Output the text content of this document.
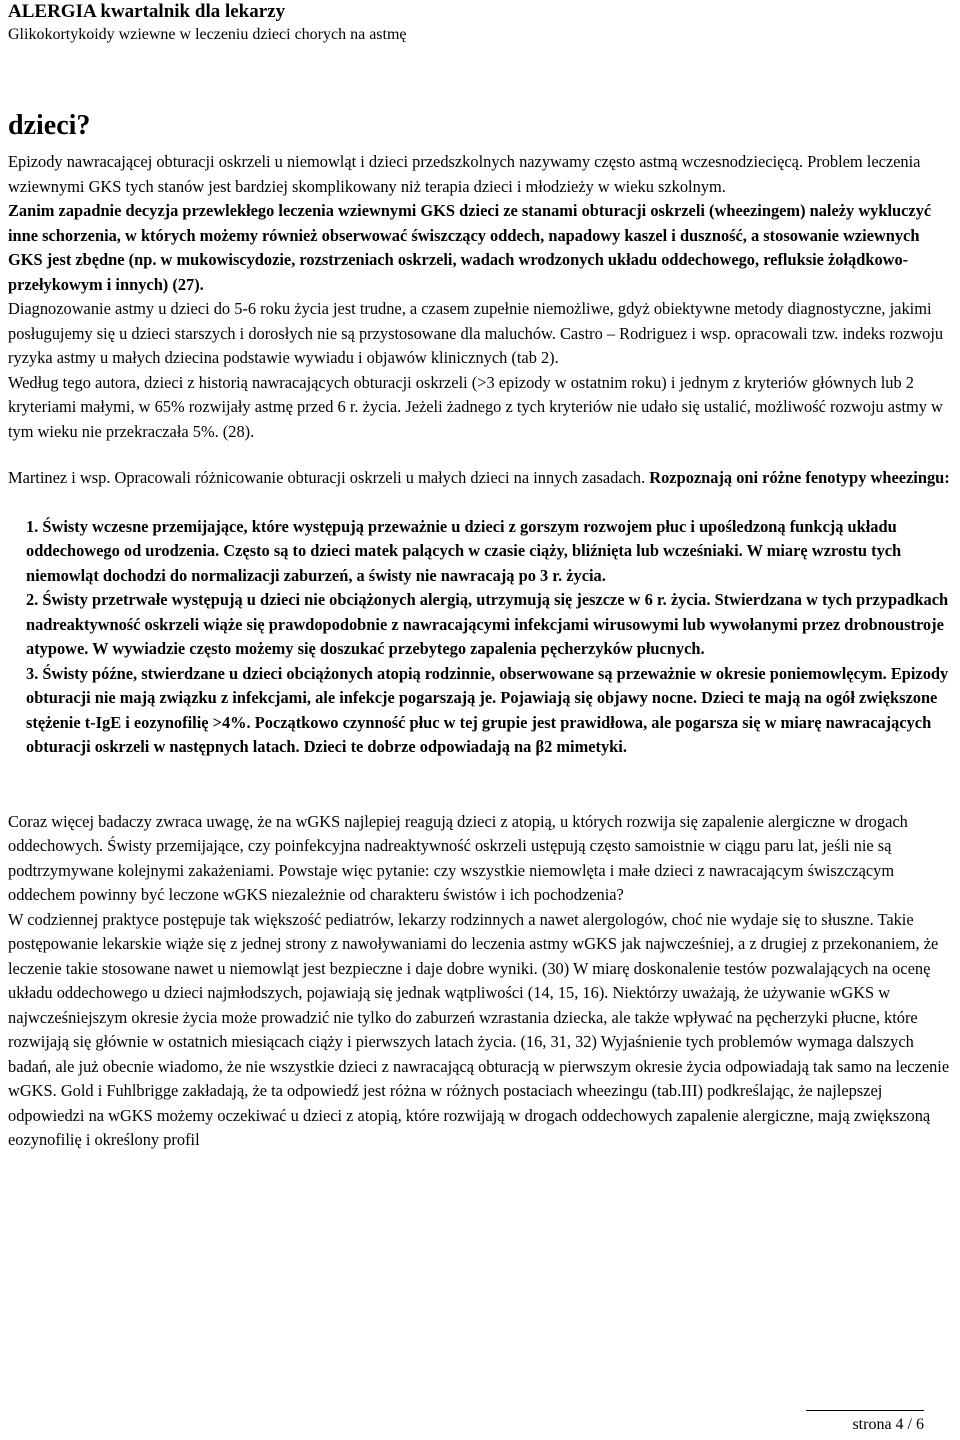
ALERGIA kwartalnik dla lekarzy
Glikokortykoidy wziewne w leczeniu dzieci chorych na astmę
dzieci?

Epizody nawracającej obturacji oskrzeli u niemowląt i dzieci przedszkolnych nazywamy często astmą wczesnodziecięcą. Problem leczenia wziewnymi GKS tych stanów jest bardziej skomplikowany niż terapia dzieci i młodzieży w wieku szkolnym.

Zanim zapadnie decyzja przewlekłego leczenia wziewnymi GKS dzieci ze stanami obturacji oskrzeli (wheezingem) należy wykluczyć inne schorzenia, w których możemy również obserwować świszczący oddech, napadowy kaszel i duszność, a stosowanie wziewnych GKS jest zbędne (np. w mukowiscydozie, rozstrzeniach oskrzeli, wadach wrodzonych układu oddechowego, refluksie żołądkowo-przełykowym i innych) (27).

Diagnozowanie astmy u dzieci do 5-6 roku życia jest trudne, a czasem zupełnie niemożliwe, gdyż obiektywne metody diagnostyczne, jakimi posługujemy się u dzieci starszych i dorosłych nie są przystosowane dla maluchów. Castro – Rodriguez i wsp. opracowali tzw. indeks rozwoju ryzyka astmy u małych dziecina podstawie wywiadu i objawów klinicznych (tab 2).

Według tego autora, dzieci z historią nawracających obturacji oskrzeli (>3 epizody w ostatnim roku) i jednym z kryteriów głównych lub 2 kryteriami małymi, w 65% rozwijały astmę przed 6 r. życia. Jeżeli żadnego z tych kryteriów nie udało się ustalić, możliwość rozwoju astmy w tym wieku nie przekraczała 5%. (28).

Martinez i wsp. Opracowali różnicowanie obturacji oskrzeli u małych dzieci na innych zasadach. Rozpoznają oni różne fenotypy wheezingu:

1. Świsty wczesne przemijające, które występują przeważnie u dzieci z gorszym rozwojem płuc i upośledzoną funkcją układu oddechowego od urodzenia. Często są to dzieci matek palących w czasie ciąży, bliźnięta lub wcześniaki. W miarę wzrostu tych niemowląt dochodzi do normalizacji zaburzeń, a świsty nie nawracają po 3 r. życia.

2. Świsty przetrwałe występują u dzieci nie obciążonych alergią, utrzymują się jeszcze w 6 r. życia. Stwierdzana w tych przypadkach nadreaktywność oskrzeli wiąże się prawdopodobnie z nawracającymi infekcjami wirusowymi lub wywołanymi przez drobnoustroje atypowe. W wywiadzie często możemy się doszukać przebytego zapalenia pęcherzyków płucnych.

3. Świsty późne, stwierdzane u dzieci obciążonych atopią rodzinnie, obserwowane są przeważnie w okresie poniemowlęcym. Epizody obturacji nie mają związku z infekcjami, ale infekcje pogarszają je. Pojawiają się objawy nocne. Dzieci te mają na ogół zwiększone stężenie t-IgE i eozynofilię >4%. Początkowo czynność płuc w tej grupie jest prawidłowa, ale pogarsza się w miarę nawracających obturacji oskrzeli w następnych latach. Dzieci te dobrze odpowiadają na β2 mimetyki.

Coraz więcej badaczy zwraca uwagę, że na wGKS najlepiej reagują dzieci z atopią, u których rozwija się zapalenie alergiczne w drogach oddechowych. Świsty przemijające, czy poinfekcyjna nadreaktywność oskrzeli ustępują często samoistnie w ciągu paru lat, jeśli nie są podtrzymywane kolejnymi zakażeniami. Powstaje więc pytanie: czy wszystkie niemowlęta i małe dzieci z nawracającym świszczącym oddechem powinny być leczone wGKS niezależnie od charakteru świstów i ich pochodzenia?

W codziennej praktyce postępuje tak większość pediatrów, lekarzy rodzinnych a nawet alergologów, choć nie wydaje się to słuszne. Takie postępowanie lekarskie wiąże się z jednej strony z nawoływaniami do leczenia astmy wGKS jak najwcześniej, a z drugiej z przekonaniem, że leczenie takie stosowane nawet u niemowląt jest bezpieczne i daje dobre wyniki. (30) W miarę doskonalenie testów pozwalających na ocenę układu oddechowego u dzieci najmłodszych, pojawiają się jednak wątpliwości (14, 15, 16). Niektórzy uważają, że używanie wGKS w najwcześniejszym okresie życia może prowadzić nie tylko do zaburzeń wzrastania dziecka, ale także wpływać na pęcherzyki płucne, które rozwijają się głównie w ostatnich miesiącach ciąży i pierwszych latach życia. (16, 31, 32) Wyjaśnienie tych problemów wymaga dalszych badań, ale już obecnie wiadomo, że nie wszystkie dzieci z nawracającą obturacją w pierwszym okresie życia odpowiadają tak samo na leczenie wGKS. Gold i Fuhlbrigge zakładają, że ta odpowiedź jest różna w różnych postaciach wheezingu (tab.III) podkreślając, że najlepszej odpowiedzi na wGKS możemy oczekiwać u dzieci z atopią, które rozwijają w drogach oddechowych zapalenie alergiczne, mają zwiększoną eozynofilię i określony profil

strona 4 / 6
